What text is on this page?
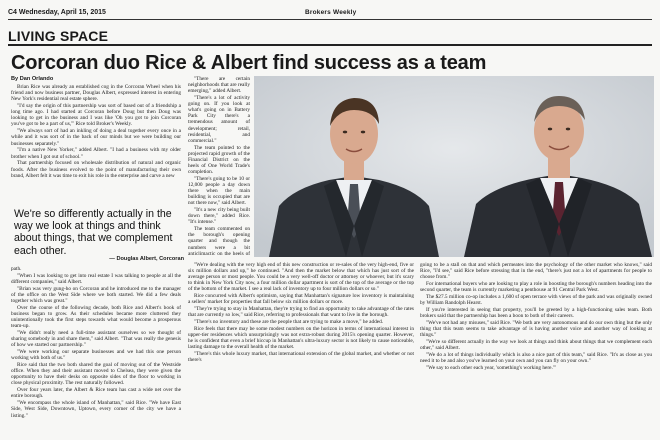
C4 Wednesday, April 15, 2015	Brokers Weekly
LIVING SPACE
Corcoran duo Rice & Albert find success as a team
By Dan Orlando

Brian Rice was already an established cog in the Corcoran Wheel when his friend and now business partner, Douglas Albert, expressed interest in entering New York's residential real estate sphere.

"I'd say the origin of this partnership was sort of based out of a friendship a long time ago. I had started at Corcoran before Doug but then Doug was looking to get in the business and I was like 'Oh you got to join Corcoran you've got to be a part of us,'" Rice told Broker's Weekly.

"We always sort of had an inkling of doing a deal together every once in a while and it was sort of in the back of our minds but we were building our businesses separately."

"I'm a native New Yorker," added Albert. "I had a business with my older brother when I got out of school."

That partnership focused on wholesale distribution of natural and organic foods. After the business evolved to the point of manufacturing their own brand, Albert felt it was time to exit his role in the enterprise and carve a new

We're so differently actually in the way we look at things and think about things, that we complement each other.
— Douglas Albert, Corcoran

path.

"When I was looking to get into real estate I was talking to people at all the different companies," said Albert.

"Brian was very gung-ho on Corcoran and he introduced me to the manager of the office on the West Side where we both started. We did a few deals together which was great."

Over the course of the following decade, both Rice and Albert's book of business began to grow. As their schedules became more cluttered they unintentionally took the first steps towards what would become a prosperous team-up.

"We didn't really need a full-time assistant ourselves so we thought of sharing somebody in and share them," said Albert. "That was really the genesis of how we started our partnership."

"We were working our separate businesses and we had this one person working with both of us."

Rice said that the two both shared the goal of moving out of the Westside office. When they and their assistant moved to Chelsea, they were given the opportunity to have their desks on opposite sides of the floor to working in close physical proximity. The rest naturally followed.

Over four years later, the Albert & Rice team has cast a wide net over the entire borough.

"We encompass the whole island of Manhattan," said Rice. "We have East Side, West Side, Downtown, Uptown, every corner of the city we have a listing."

"There are certain neighborhoods that are really emerging," added Albert.

"There's a lot of activity going on. If you look at what's going on in Battery Park City there's a tremendous amount of development; retail, residential, and commercial."

The team pointed to the projected rapid growth of the Financial District on the heels of One World Trade's completion.

"There's going to be 10 or 12,000 people a day down there when the main building is occupied that are not there now," said Albert.

"It's a new city being built down there," added Rice. "It's intense."

The team commented on the borough's opening quarter and though the numbers were a bit anticlimactic on the heels of

"We're dealing with the very high end of this new construction or re-sales of the very high-end, five or six million dollars and up," he continued. "And then the market below that which has just sort of the average person or most people. You could be a very well-off doctor or attorney or whoever, but it's scary to think in New York City now, a four million dollar apartment is sort of the top of the average or the top of the bottom of the market. I see a real lack of inventory up to four million dollars or so."

Rice concurred with Albert's optimism, saying that Manhattan's signature low inventory is maintaining a sellers' market for properties that fall below six million dollars or more.

"They're trying to stay in Manhattan, they're trying to find an opportunity to take advantage of the rates that are currently so low," said Rice, referring to professionals that want to live in the borough.

"There's no inventory and these are the people that are trying to make a move," he added.

Rice feels that there may be some modest numbers on the horizon in terms of international interest in upper-tier residences which unsurprisingly was not extra-robust during 2015's opening quarter. However, he is confident that even a brief hiccup in Manhattan's ultra-luxury sector is not likely to cause noticeable, lasting damage to the overall health of the market.

"There's this whole luxury market, that international extension of the global market, and whether or not there's

going to be a stall on that and which permeates into the psychology of the other market who knows," said Rice, "I'd see," said Rice before stressing that in the end, "there's just not a lot of apartments for people to choose from."

For international buyers who are looking to play a role in boosting the borough's numbers heading into the second quarter, the team is currently marketing a penthouse at 91 Central Park West.

The $27.5 million co-op includes a 1,600 sf open terrace with views of the park and was originally owned by William Randolph Hearst.

If you're interested in seeing that property, you'll be greeted by a high-functioning sales team. Both brokers said that the partnership has been a boon to both of their careers.

"We've not had any misuses," said Rice. "We both are very autonomous and do our own thing but the only thing that this team seems to take advantage of is having another voice and another way of looking at things."

"We're so different actually in the way we look at things and think about things that we complement each other," said Albert.

"We do a lot of things individually which is also a nice part of this team," said Rice. "It's as close as you need it to be and also you've learned on your own and you can fly on your own."

"We say to each other each year, 'something's working here.'"
